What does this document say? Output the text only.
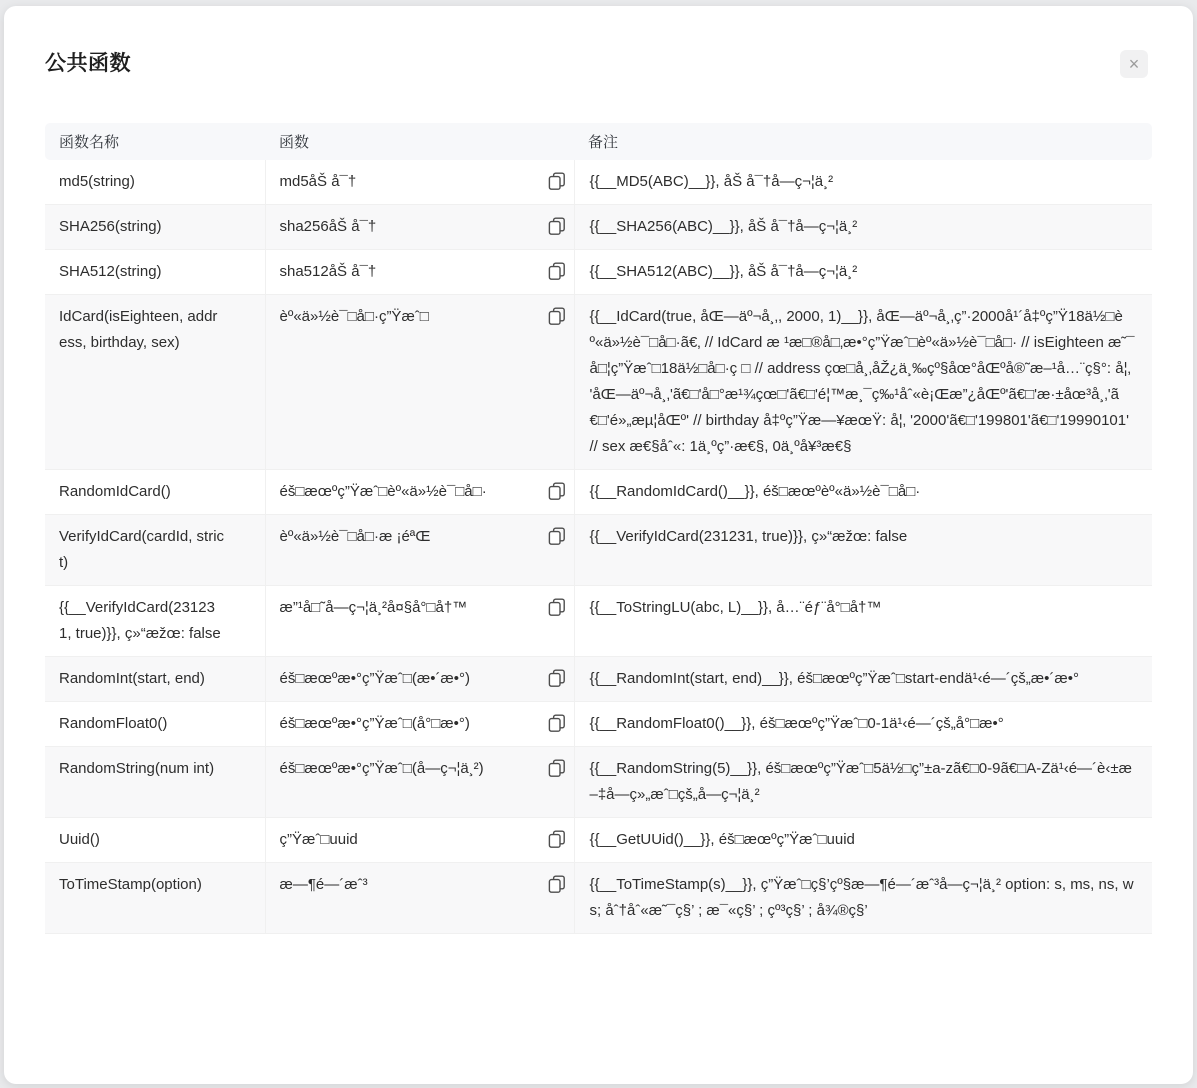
公共函数	×
函数名称	函数	备注
md5(string)	md5åŠ å¯†	{{__MD5(ABC)__}}, åŠ å¯†å—ç¬¦ä¸²
SHA256(string)	sha256åŠ å¯†	{{__SHA256(ABC)__}}, åŠ å¯†å—ç¬¦ä¸²
SHA512(string)	sha512åŠ å¯†	{{__SHA512(ABC)__}}, åŠ å¯†å—ç¬¦ä¸²
IdCard(isEighteen, address, birthday, sex)	èº«ä»½è¯□å□·ç”Ÿæˆ□	{{__IdCard(true, åŒ—äº¬å¸‚, 2000, 1)__}}, åŒ—äº¬å¸‚ç”·2000å¹´å‡ºç”Ÿ18ä½□èº«ä»½è¯□å□·ã€‚ // IdCard æ ¹æ□®å□‚æ•°ç”Ÿæˆ□èº«ä»½è¯□å□· // isEighteen æ˜¯å□¦ç”Ÿæˆ□18ä½□å□·ç □ // address çœ□å¸‚åŽ¿ä¸‰çº§åœ°åŒºå®˜æ–¹å…¨ç§°: å¦‚ 'åŒ—äº¬å¸‚'ã€□'å□°æ¹¾çœ□'ã€□'é¦™æ¸¯ç‰¹åˆ«è¡Œæ”¿åŒº'ã€□'æ·±åœ³å¸‚'ã€□'é»„æµ¦åŒº' // birthday å‡ºç”Ÿæ—¥æœŸ: å¦‚ '2000'ã€□'199801'ã€□'19990101' // sex æ€§åˆ«: 1ä¸ºç”·æ€§, 0ä¸ºå¥³æ€§
RandomIdCard()	éš□æœºç”Ÿæˆ□èº«ä»½è¯□å□·	{{__RandomIdCard()__}}, éš□æœºèº«ä»½è¯□å□·
VerifyIdCard(cardId, strict)	èº«ä»½è¯□å□·æ ¡éªŒ	{{__VerifyIdCard(231231, true)}}, ç»“æžœ: false
{{__VerifyIdCard(231231, true)}}, ç»“æžœ: false	æ”¹å□˜å—ç¬¦ä¸²å¤§å°□å†™	{{__ToStringLU(abc, L)__}}, å…¨éƒ¨å°□å†™
RandomInt(start, end)	éš□æœºæ•°ç”Ÿæˆ□(æ•´æ•°)	{{__RandomInt(start, end)__}}, éš□æœºç”Ÿæˆ□start-endä¹‹é—´çš„æ•´æ•°
RandomFloat0()	éš□æœºæ•°ç”Ÿæˆ□(å°□æ•°)	{{__RandomFloat0()__}}, éš□æœºç”Ÿæˆ□0-1ä¹‹é—´çš„å°□æ•°
RandomString(num int)	éš□æœºæ•°ç”Ÿæˆ□(å—ç¬¦ä¸²)	{{__RandomString(5)__}}, éš□æœºç”Ÿæˆ□5ä½□ç”±a-zã€□0-9ã€□A-Zä¹‹é—´è‹±æ–‡å—ç»„æˆ□çš„å—ç¬¦ä¸²
Uuid()	ç”Ÿæˆ□uuid	{{__GetUUid()__}}, éš□æœºç”Ÿæˆ□uuid
ToTimeStamp(option)	æ—¶é—´æˆ³	{{__ToTimeStamp(s)__}}, ç”Ÿæˆ□ç§’çº§æ—¶é—´æˆ³å—ç¬¦ä¸² option: s, ms, ns, ws; åˆ†åˆ«æ˜¯ç§’ ; æ¯«ç§’ ; çº³ç§’ ; å¾®ç§’
